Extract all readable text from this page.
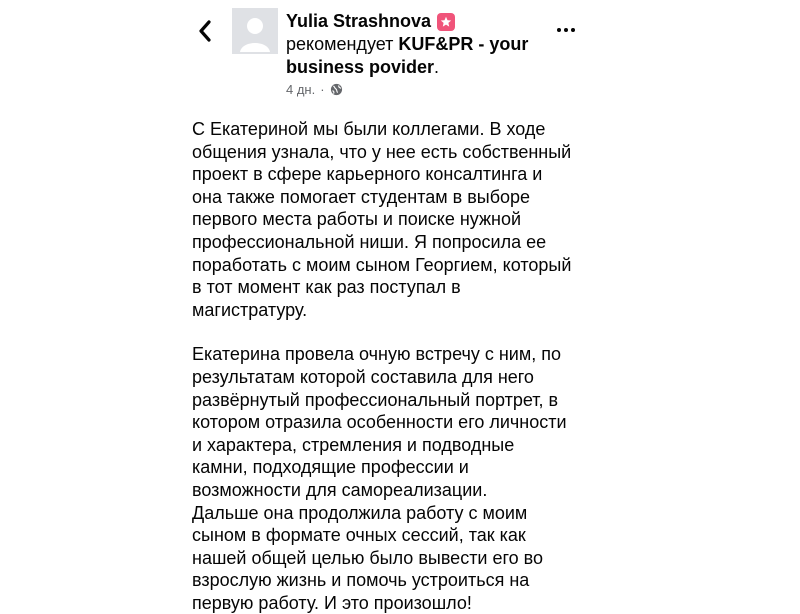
Yulia Strashnova
рекомендует KUF&PR - your business povider.
4 дн. ·

С Екатериной мы были коллегами. В ходе общения узнала, что у нее есть собственный проект в сфере карьерного консалтинга и она также помогает студентам в выборе первого места работы и поиске нужной профессиональной ниши. Я попросила ее поработать с моим сыном Георгием, который в тот момент как раз поступал в магистратуру.

Екатерина провела очную встречу с ним, по результатам которой составила для него развёрнутый профессиональный портрет, в котором отразила особенности его личности и характера, стремления и подводные камни, подходящие профессии и возможности для самореализации.

Дальше она продолжила работу с моим сыном в формате очных сессий, так как нашей общей целью было вывести его во взрослую жизнь и помочь устроиться на первую работу. И это произошло!
